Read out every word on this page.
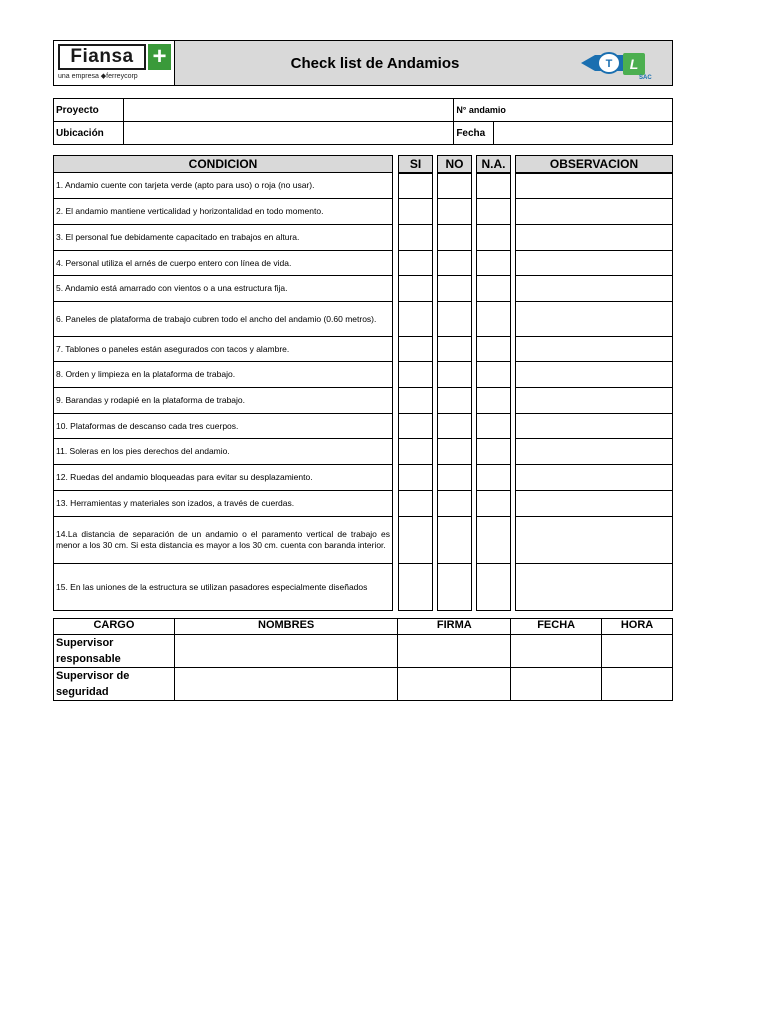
Fiansa +
una empresa ◆ferreycorp
Check list de Andamios	T L
SAC
Proyecto		N° andamio	
Ubicación		Fecha	
CONDICION	SI	NO	N.A.	OBSERVACION
1. Andamio cuente con tarjeta verde (apto para uso) o roja (no usar).
2. El andamio mantiene verticalidad y horizontalidad en todo momento.
3. El personal fue debidamente capacitado en trabajos en altura.
4. Personal utiliza el arnés de cuerpo entero con línea de vida.
5. Andamio está amarrado con vientos o a una estructura fija.
6. Paneles de plataforma de trabajo cubren todo el ancho del andamio (0.60 metros).
7. Tablones o paneles están asegurados con tacos y alambre.
8. Orden y limpieza en la plataforma de trabajo.
9. Barandas y rodapié en la plataforma de trabajo.
10. Plataformas de descanso cada tres cuerpos.
11. Soleras en los pies derechos del andamio.
12. Ruedas del andamio bloqueadas para evitar su desplazamiento.
13. Herramientas y materiales son izados, a través de cuerdas.
14.La distancia de separación de un andamio o el paramento vertical de trabajo es menor a los 30 cm. Si esta distancia es mayor a los 30 cm. cuenta con baranda interior.
15. En las uniones de la estructura se utilizan pasadores especialmente diseñados
CARGO	NOMBRES	FIRMA	FECHA	HORA
Supervisor responsable				
Supervisor de seguridad				
